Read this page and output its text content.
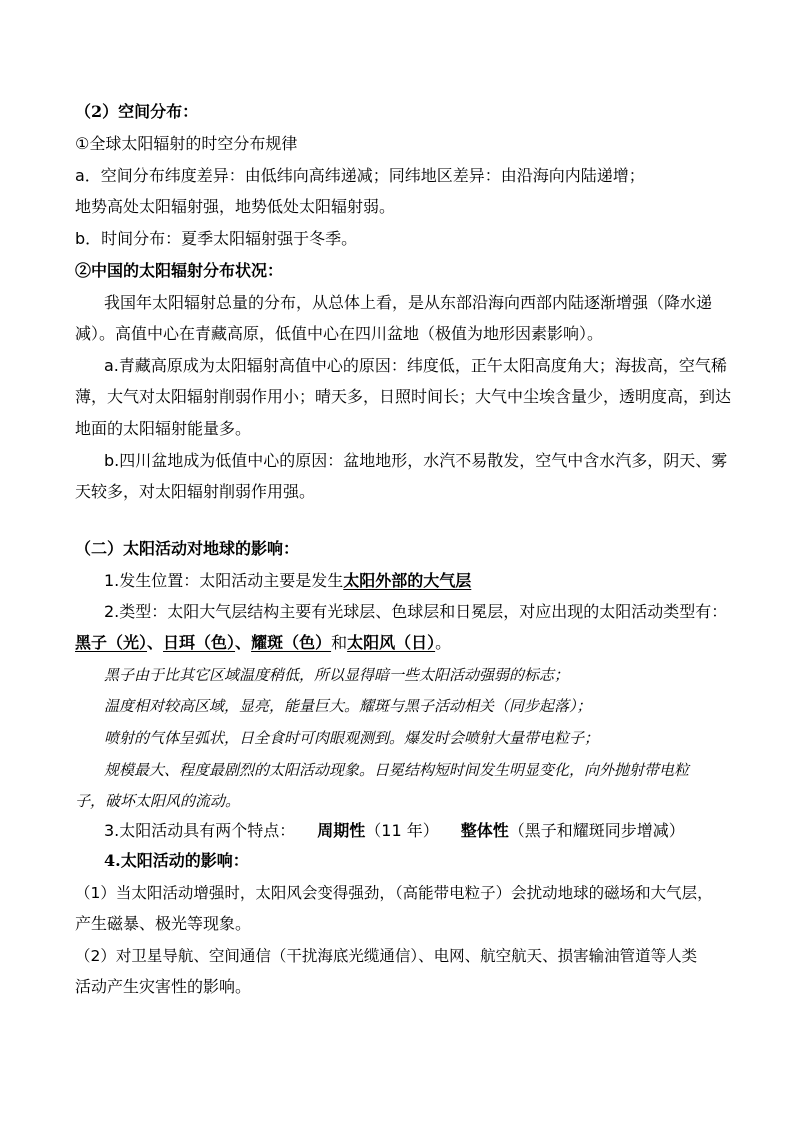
（2）空间分布：
①全球太阳辐射的时空分布规律
a．空间分布纬度差异：由低纬向高纬递减；同纬地区差异：由沿海向内陆递增；
地势高处太阳辐射强，地势低处太阳辐射弱。
b．时间分布：夏季太阳辐射强于冬季。
②中国的太阳辐射分布状况：
我国年太阳辐射总量的分布，从总体上看，是从东部沿海向西部内陆逐渐增强（降水递
减）。高值中心在青藏高原，低值中心在四川盆地（极值为地形因素影响）。
a.青藏高原成为太阳辐射高值中心的原因：纬度低，正午太阳高度角大；海拔高，空气稀
薄，大气对太阳辐射削弱作用小；晴天多，日照时间长；大气中尘埃含量少，透明度高，到达
地面的太阳辐射能量多。
b.四川盆地成为低值中心的原因：盆地地形，水汽不易散发，空气中含水汽多，阴天、雾
天较多，对太阳辐射削弱作用强。
（二）太阳活动对地球的影响：
1.发生位置：太阳活动主要是发生太阳外部的大气层
2.类型：太阳大气层结构主要有光球层、色球层和日冕层，对应出现的太阳活动类型有：
黑子（光）、日珥（色）、耀斑（色）和太阳风（日）。
黑子由于比其它区域温度稍低，所以显得暗一些太阳活动强弱的标志；
温度相对较高区域，显亮，能量巨大。耀斑与黑子活动相关（同步起落）；
喷射的气体呈弧状，日全食时可肉眼观测到。爆发时会喷射大量带电粒子；
规模最大、程度最剧烈的太阳活动现象。日冕结构短时间发生明显变化，向外抛射带电粒
子，破坏太阳风的流动。
3.太阳活动具有两个特点： 周期性（11 年） 整体性（黑子和耀斑同步增减）
4.太阳活动的影响：
（1）当太阳活动增强时，太阳风会变得强劲，（高能带电粒子）会扰动地球的磁场和大气层，
产生磁暴、极光等现象。
（2）对卫星导航、空间通信（干扰海底光缆通信）、电网、航空航天、损害输油管道等人类
活动产生灾害性的影响。
